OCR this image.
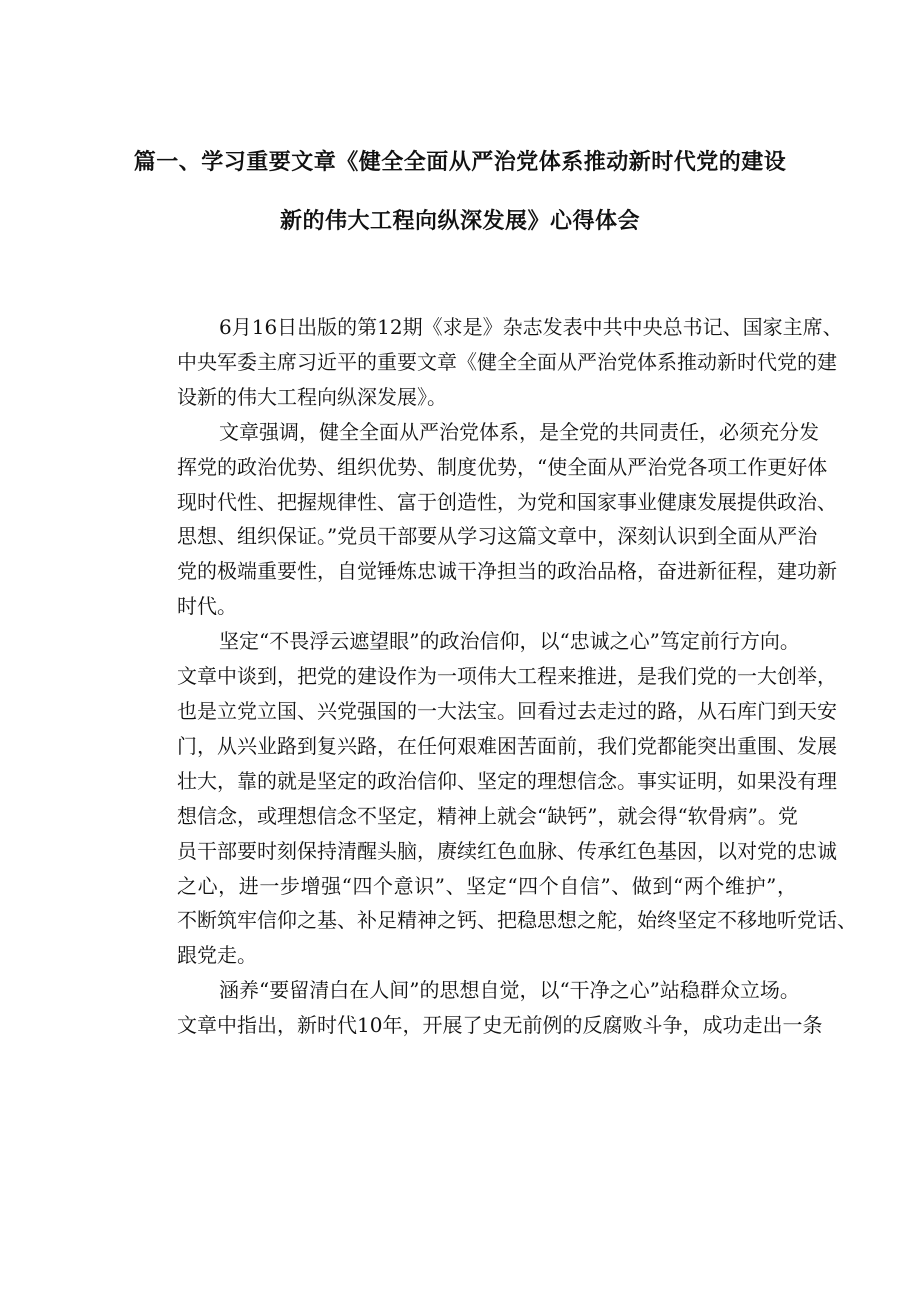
篇一、学习重要文章《健全全面从严治党体系推动新时代党的建设
新的伟大工程向纵深发展》心得体会
6月16日出版的第12期《求是》杂志发表中共中央总书记、国家主席、
中央军委主席习近平的重要文章《健全全面从严治党体系推动新时代党的建
设新的伟大工程向纵深发展》。
文章强调，健全全面从严治党体系，是全党的共同责任，必须充分发
挥党的政治优势、组织优势、制度优势，“使全面从严治党各项工作更好体
现时代性、把握规律性、富于创造性，为党和国家事业健康发展提供政治、
思想、组织保证。”党员干部要从学习这篇文章中，深刻认识到全面从严治
党的极端重要性，自觉锤炼忠诚干净担当的政治品格，奋进新征程，建功新
时代。
坚定“不畏浮云遮望眼”的政治信仰，以“忠诚之心”笃定前行方向。
文章中谈到，把党的建设作为一项伟大工程来推进，是我们党的一大创举，
也是立党立国、兴党强国的一大法宝。回看过去走过的路，从石库门到天安
门，从兴业路到复兴路，在任何艰难困苦面前，我们党都能突出重围、发展
壮大，靠的就是坚定的政治信仰、坚定的理想信念。事实证明，如果没有理
想信念，或理想信念不坚定，精神上就会“缺钙”，就会得“软骨病”。党
员干部要时刻保持清醒头脑，赓续红色血脉、传承红色基因，以对党的忠诚
之心，进一步增强“四个意识”、坚定“四个自信”、做到“两个维护”，
不断筑牢信仰之基、补足精神之钙、把稳思想之舵，始终坚定不移地听党话、
跟党走。
涵养“要留清白在人间”的思想自觉，以“干净之心”站稳群众立场。
文章中指出，新时代10年，开展了史无前例的反腐败斗争，成功走出一条
